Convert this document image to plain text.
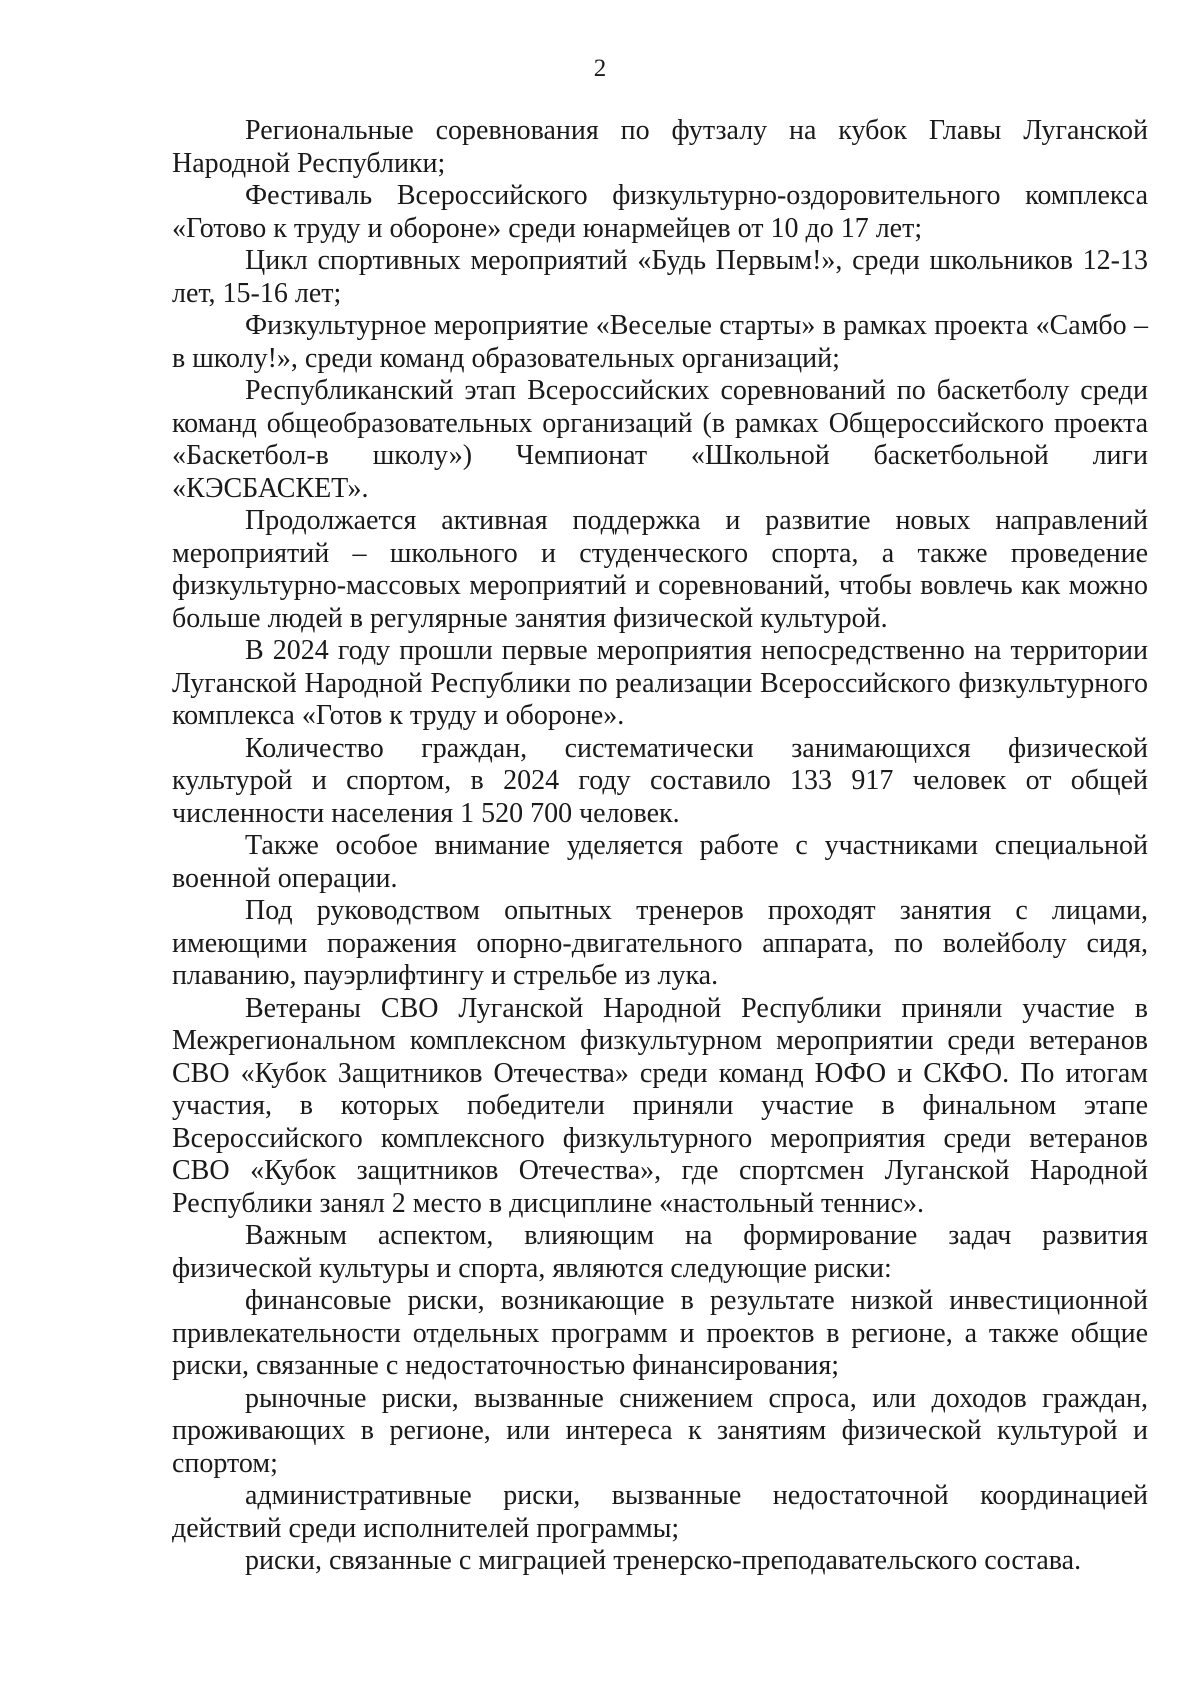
2

Региональные соревнования по футзалу на кубок Главы Луганской Народной Республики;

Фестиваль Всероссийского физкультурно-оздоровительного комплекса «Готово к труду и обороне» среди юнармейцев от 10 до 17 лет;

Цикл спортивных мероприятий «Будь Первым!», среди школьников 12-13 лет, 15-16 лет;

Физкультурное мероприятие «Веселые старты» в рамках проекта «Самбо – в школу!», среди команд образовательных организаций;

Республиканский этап Всероссийских соревнований по баскетболу среди команд общеобразовательных организаций (в рамках Общероссийского проекта «Баскетбол-в школу») Чемпионат «Школьной баскетбольной лиги «КЭСБАСКЕТ».

Продолжается активная поддержка и развитие новых направлений мероприятий – школьного и студенческого спорта, а также проведение физкультурно-массовых мероприятий и соревнований, чтобы вовлечь как можно больше людей в регулярные занятия физической культурой.

В 2024 году прошли первые мероприятия непосредственно на территории Луганской Народной Республики по реализации Всероссийского физкультурного комплекса «Готов к труду и обороне».

Количество граждан, систематически занимающихся физической культурой и спортом, в 2024 году составило 133 917 человек от общей численности населения 1 520 700 человек.

Также особое внимание уделяется работе с участниками специальной военной операции.

Под руководством опытных тренеров проходят занятия с лицами, имеющими поражения опорно-двигательного аппарата, по волейболу сидя, плаванию, пауэрлифтингу и стрельбе из лука.

Ветераны СВО Луганской Народной Республики приняли участие в Межрегиональном комплексном физкультурном мероприятии среди ветеранов СВО «Кубок Защитников Отечества» среди команд ЮФО и СКФО. По итогам участия, в которых победители приняли участие в финальном этапе Всероссийского комплексного физкультурного мероприятия среди ветеранов СВО «Кубок защитников Отечества», где спортсмен Луганской Народной Республики занял 2 место в дисциплине «настольный теннис».

Важным аспектом, влияющим на формирование задач развития физической культуры и спорта, являются следующие риски:

финансовые риски, возникающие в результате низкой инвестиционной привлекательности отдельных программ и проектов в регионе, а также общие риски, связанные с недостаточностью финансирования;

рыночные риски, вызванные снижением спроса, или доходов граждан, проживающих в регионе, или интереса к занятиям физической культурой и спортом;

административные риски, вызванные недостаточной координацией действий среди исполнителей программы;

риски, связанные с миграцией тренерско-преподавательского состава.
